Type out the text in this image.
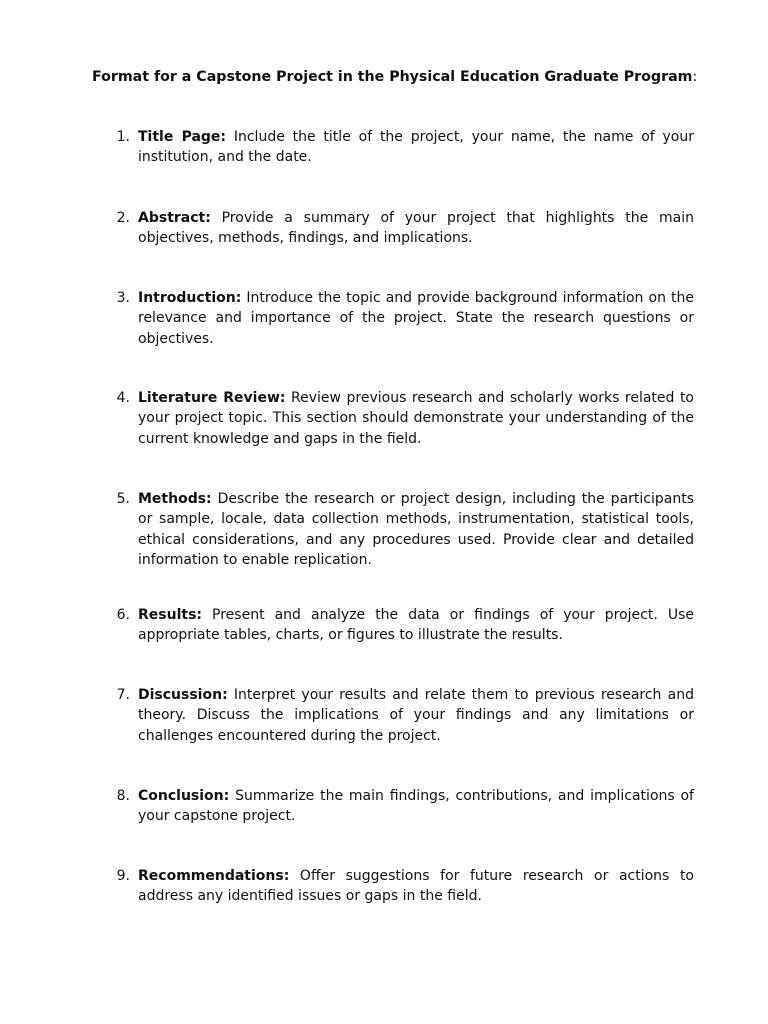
Format for a Capstone Project in the Physical Education Graduate Program:
1. Title Page: Include the title of the project, your name, the name of your institution, and the date.

2. Abstract: Provide a summary of your project that highlights the main objectives, methods, findings, and implications.

3. Introduction: Introduce the topic and provide background information on the relevance and importance of the project. State the research questions or objectives.

4. Literature Review: Review previous research and scholarly works related to your project topic. This section should demonstrate your understanding of the current knowledge and gaps in the field.

5. Methods: Describe the research or project design, including the participants or sample, locale, data collection methods, instrumentation, statistical tools, ethical considerations, and any procedures used. Provide clear and detailed information to enable replication.

6. Results: Present and analyze the data or findings of your project. Use appropriate tables, charts, or figures to illustrate the results.

7. Discussion: Interpret your results and relate them to previous research and theory. Discuss the implications of your findings and any limitations or challenges encountered during the project.

8. Conclusion: Summarize the main findings, contributions, and implications of your capstone project.

9. Recommendations: Offer suggestions for future research or actions to address any identified issues or gaps in the field.
